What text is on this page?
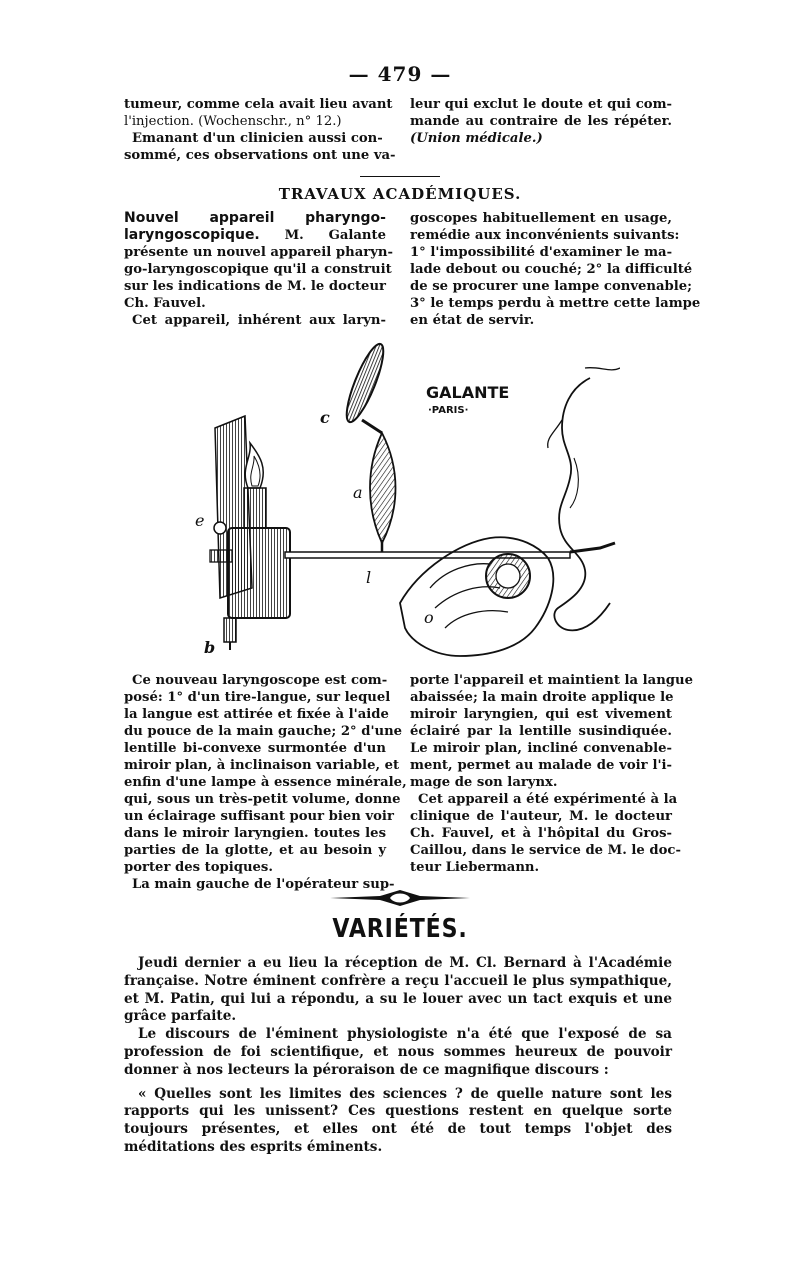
— 479 —
tumeur, comme cela avait lieu avant
l'injection. (Wochenschr., n° 12.)
Emanant d'un clinicien aussi con-
sommé, ces observations ont une va-
leur qui exclut le doute et qui com-
mande au contraire de les répéter.
(Union médicale.)
TRAVAUX ACADÉMIQUES.
Nouvel appareil pharyngo-
laryngoscopique. M. Galante
présente un nouvel appareil pharyn-
go-laryngoscopique qu'il a construit
sur les indications de M. le docteur
Ch. Fauvel.
Cet appareil, inhérent aux laryn-
goscopes habituellement en usage,
remédie aux inconvénients suivants:
1° l'impossibilité d'examiner le ma-
lade debout ou couché; 2° la difficulté
de se procurer une lampe convenable;
3° le temps perdu à mettre cette lampe
en état de servir.
GALANTE
·PARIS·
c
a
e
l
o
b
Ce nouveau laryngoscope est com-
posé: 1° d'un tire-langue, sur lequel
la langue est attirée et fixée à l'aide
du pouce de la main gauche; 2° d'une
lentille bi-convexe surmontée d'un
miroir plan, à inclinaison variable, et
enfin d'une lampe à essence minérale,
qui, sous un très-petit volume, donne
un éclairage suffisant pour bien voir
dans le miroir laryngien. toutes les
parties de la glotte, et au besoin y
porter des topiques.
La main gauche de l'opérateur sup-
porte l'appareil et maintient la langue
abaissée; la main droite applique le
miroir laryngien, qui est vivement
éclairé par la lentille susindiquée.
Le miroir plan, incliné convenable-
ment, permet au malade de voir l'i-
mage de son larynx.
Cet appareil a été expérimenté à la
clinique de l'auteur, M. le docteur
Ch. Fauvel, et à l'hôpital du Gros-
Caillou, dans le service de M. le doc-
teur Liebermann.
VARIÉTÉS.

Jeudi dernier a eu lieu la réception de M. Cl. Bernard à l'Académie française. Notre éminent confrère a reçu l'accueil le plus sympathique, et M. Patin, qui lui a répondu, a su le louer avec un tact exquis et une grâce parfaite.

Le discours de l'éminent physiologiste n'a été que l'exposé de sa profession de foi scientifique, et nous sommes heureux de pouvoir donner à nos lecteurs la péroraison de ce magnifique discours :

« Quelles sont les limites des sciences ? de quelle nature sont les rapports qui les unissent? Ces questions restent en quelque sorte toujours présentes, et elles ont été de tout temps l'objet des méditations des esprits éminents.
